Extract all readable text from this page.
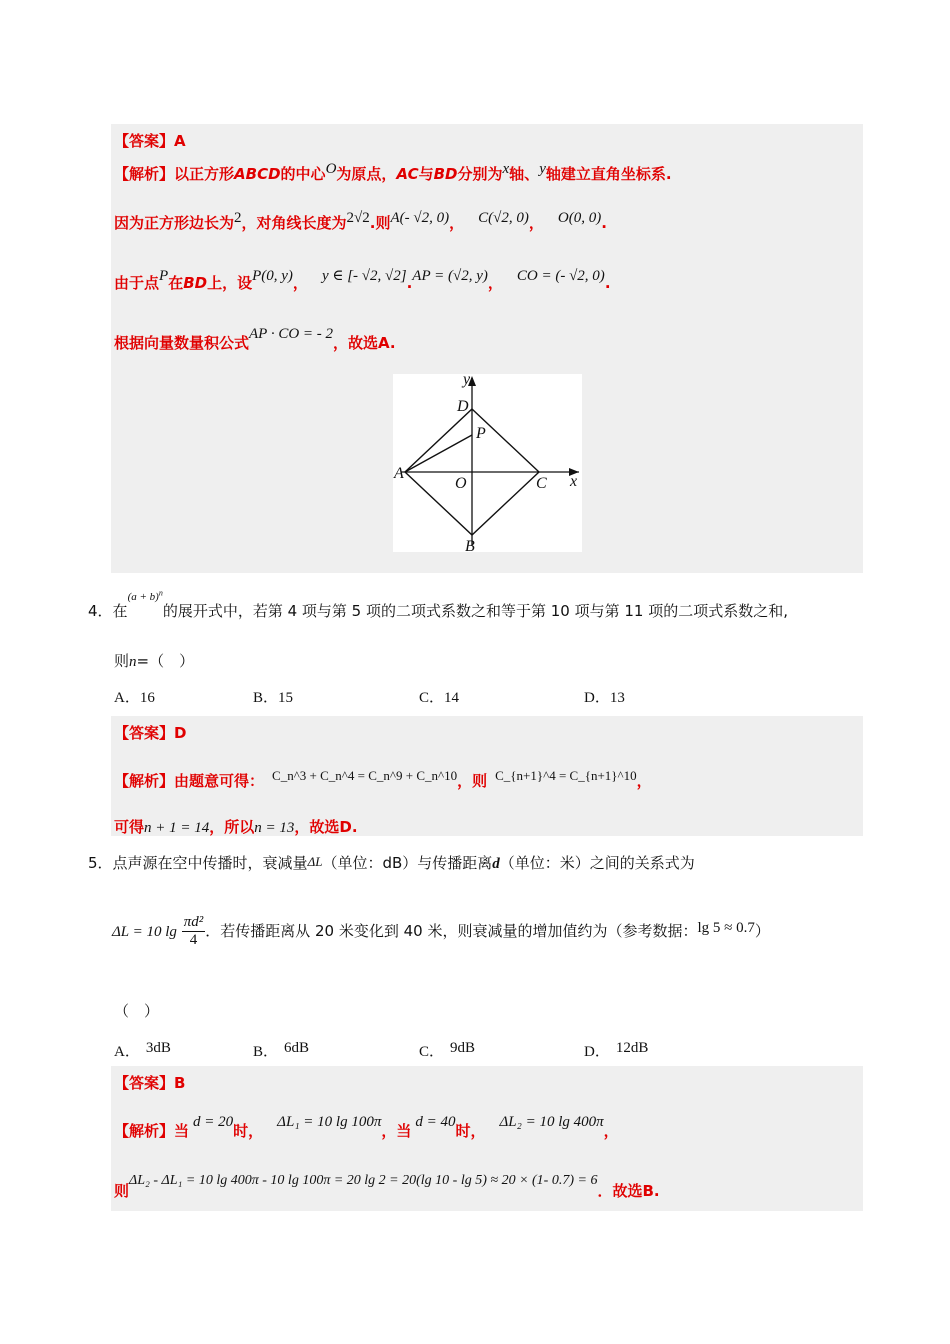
【答案】A
【解析】以正方形ABCD的中心O为原点，AC与BD分别为x轴、y轴建立直角坐标系.
因为正方形边长为2，对角线长度为2√2.则A(- √2, 0)， C(√2, 0)， O(0, 0).
由于点P在BD上，设P(0, y)， y ∈ [- √2, √2].AP = (√2, y)， CO = (- √2, 0).
根据向量数量积公式AP · CO = - 2，故选A.
y
x
D
P
A
O	C
B
4．在$^{(a + b)^n}$的展开式中，若第 4 项与第 5 项的二项式系数之和等于第 10 项与第 11 项的二项式系数之和,
则n=（　）
A．16	B．15	C．14	D．13
【答案】D
【解析】由题意可得： C_n^3 + C_n^4 = C_n^9 + C_n^10，则 C_{n+1}^4 = C_{n+1}^10，
可得n + 1 = 14，所以n = 13，故选D.
5．点声源在空中传播时，衰减量ΔL（单位：dB）与传播距离d（单位：米）之间的关系式为
ΔL = 10 $\lg \frac{\text{πd²}}{4}$ ．若传播距离从 20 米变化到 40 米，则衰减量的增加值约为（参考数据：lg 5 ≈ 0.7）
（　）
A． 3dB	B． 6dB	C． 9dB	D． 12dB
【答案】B
【解析】当 d = 20时， ΔL₁ = 10 lg 100π，当 d = 40时， ΔL₂ = 10 lg 400π，
则ΔL₂ - ΔL₁ = 10 lg 400π - 10 lg 100π = 20 lg 2 = 20(lg 10 - lg 5) ≈ 20 × (1- 0.7) = 6．故选B.
